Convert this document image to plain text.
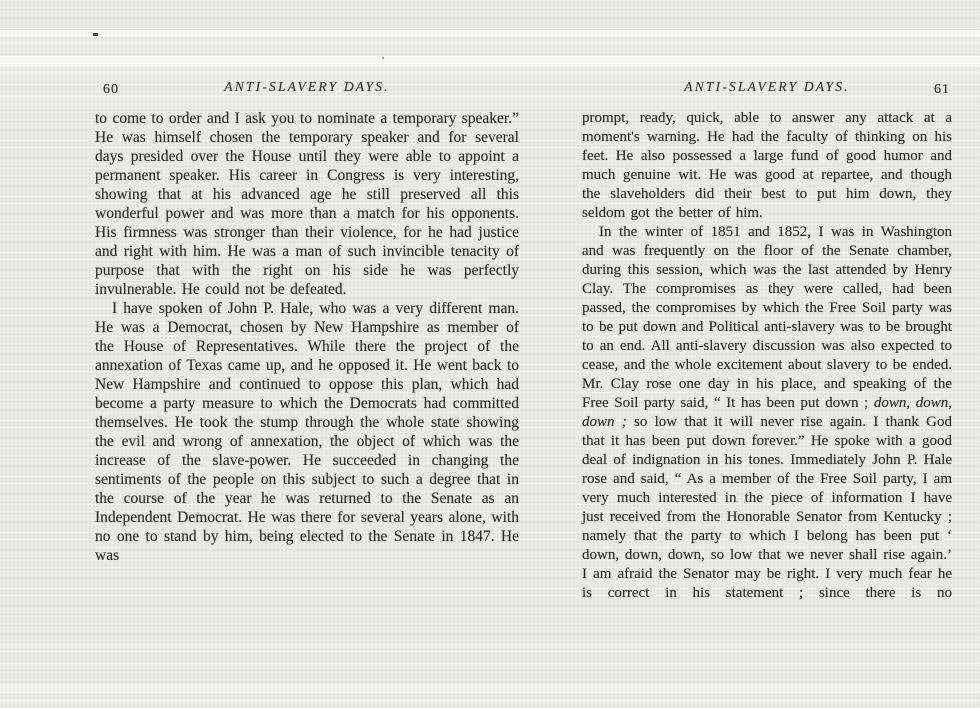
60	ANTI-SLAVERY DAYS.

to come to order and I ask you to nominate a temporary speaker.” He was himself chosen the temporary speaker and for several days presided over the House until they were able to appoint a permanent speaker. His career in Congress is very interesting, showing that at his advanced age he still preserved all this wonderful power and was more than a match for his opponents. His firmness was stronger than their violence, for he had justice and right with him. He was a man of such invincible tenacity of purpose that with the right on his side he was perfectly invulnerable. He could not be defeated.

I have spoken of John P. Hale, who was a very different man. He was a Democrat, chosen by New Hampshire as member of the House of Representatives. While there the project of the annexation of Texas came up, and he opposed it. He went back to New Hampshire and continued to oppose this plan, which had become a party measure to which the Democrats had committed themselves. He took the stump through the whole state showing the evil and wrong of annexation, the object of which was the increase of the slave-power. He succeeded in changing the sentiments of the people on this subject to such a degree that in the course of the year he was returned to the Senate as an Independent Democrat. He was there for several years alone, with no one to stand by him, being elected to the Senate in 1847. He was

ANTI-SLAVERY DAYS.	61

prompt, ready, quick, able to answer any attack at a moment's warning. He had the faculty of thinking on his feet. He also possessed a large fund of good humor and much genuine wit. He was good at repartee, and though the slaveholders did their best to put him down, they seldom got the better of him.

In the winter of 1851 and 1852, I was in Washington and was frequently on the floor of the Senate chamber, during this session, which was the last attended by Henry Clay. The compromises as they were called, had been passed, the compromises by which the Free Soil party was to be put down and Political anti-slavery was to be brought to an end. All anti-slavery discussion was also expected to cease, and the whole excitement about slavery to be ended. Mr. Clay rose one day in his place, and speaking of the Free Soil party said, “ It has been put down ; down, down, down ; so low that it will never rise again. I thank God that it has been put down forever.” He spoke with a good deal of indignation in his tones. Immediately John P. Hale rose and said, “ As a member of the Free Soil party, I am very much interested in the piece of information I have just received from the Honorable Senator from Kentucky ; namely that the party to which I belong has been put ‘ down, down, down, so low that we never shall rise again.’ I am afraid the Senator may be right. I very much fear he is correct in his statement ; since there is no
